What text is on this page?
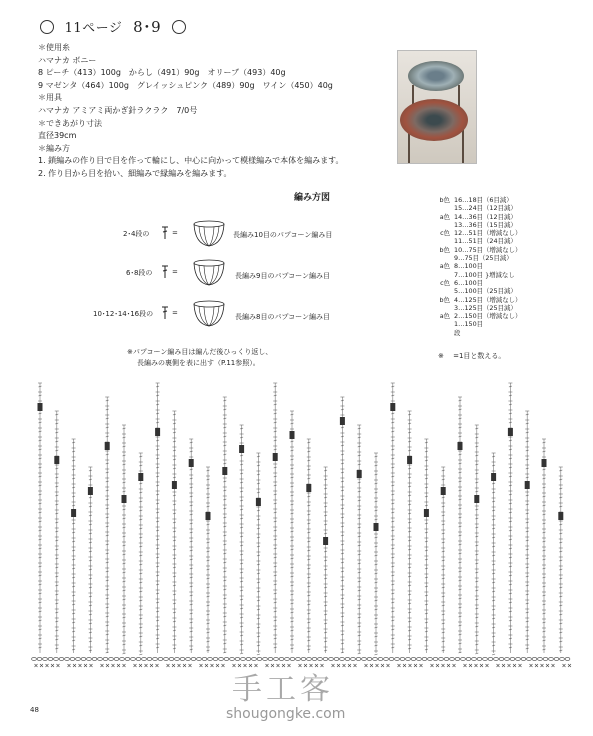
11ページ 8･9
＊使用糸
ハマナカ ボニー
8 ピーチ（413）100g　からし（491）90g　オリーブ（493）40g
9 マゼンタ（464）100g　グレイッシュピンク（489）90g　ワイン（450）40g
＊用具
ハマナカ アミアミ両かぎ針ラクラク　7/0号
＊できあがり寸法
直径39cm
＊編み方
1. 鎖編みの作り目で目を作って輪にし、中心に向かって模様編みで本体を編みます。
2. 作り目から目を拾い、細編みで縁編みを編みます。
編み方図
2･4段の	=	長編み10目のパプコーン編み目
6･8段の	=	長編み9目のパプコーン編み目
10･12･14･16段の	=	長編み8目のパプコーン編み目
b色 16…18目（6目減）
15…24目（12目減）
a色 14…36目（12目減）
13…36目（15目減）
c色 12…51目（増減なし）
11…51目（24目減）
b色 10…75目（増減なし）
9…75目（25目減）
a色 8…100目
7…100目 }増減なし
c色 6…100目
5…100目（25目減）
b色 4…125目（増減なし）
3…125目（25目減）
a色 2…150目（増減なし）
1…150目
段
※パプコーン編み目は編んだ後ひっくり返し、
長編みの裏側を表に出す（P.11参照）。
※ 　=1目と数える。
手工客
shougongke.com
48
